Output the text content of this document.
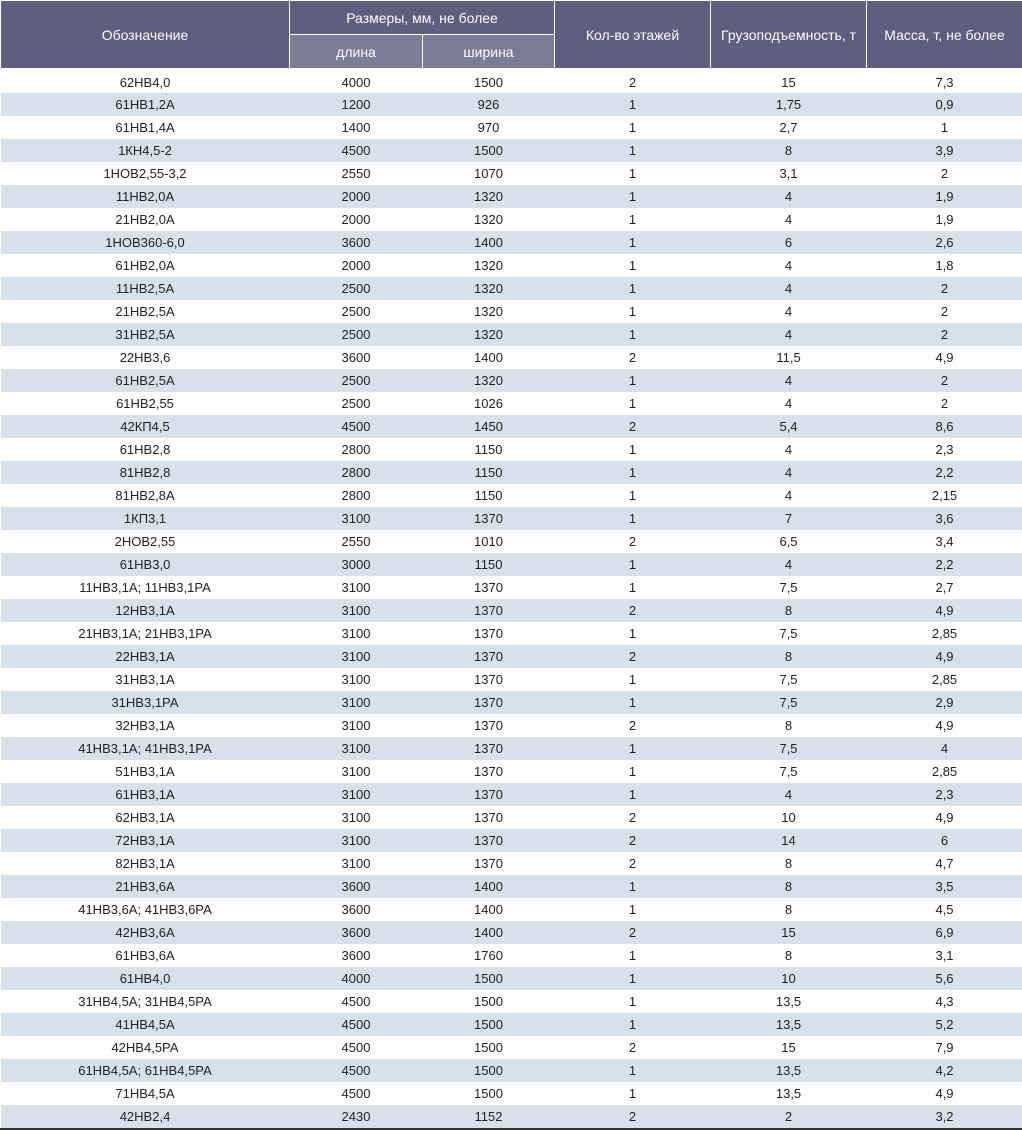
Обозначение	Размеры, мм, не более		Кол-во этажей	Грузоподъемность, т	Масса, т, не более
	длина	ширина			
62НВ4,0	4000	1500	2	15	7,3
61НВ1,2А	1200	926	1	1,75	0,9
61НВ1,4А	1400	970	1	2,7	1
1КН4,5-2	4500	1500	1	8	3,9
1НОВ2,55-3,2	2550	1070	1	3,1	2
11НВ2,0А	2000	1320	1	4	1,9
21НВ2,0А	2000	1320	1	4	1,9
1НОВ360-6,0	3600	1400	1	6	2,6
61НВ2,0А	2000	1320	1	4	1,8
11НВ2,5А	2500	1320	1	4	2
21НВ2,5А	2500	1320	1	4	2
31НВ2,5А	2500	1320	1	4	2
22НВ3,6	3600	1400	2	11,5	4,9
61НВ2,5А	2500	1320	1	4	2
61НВ2,55	2500	1026	1	4	2
42КП4,5	4500	1450	2	5,4	8,6
61НВ2,8	2800	1150	1	4	2,3
81НВ2,8	2800	1150	1	4	2,2
81НВ2,8А	2800	1150	1	4	2,15
1КП3,1	3100	1370	1	7	3,6
2НОВ2,55	2550	1010	2	6,5	3,4
61НВ3,0	3000	1150	1	4	2,2
11НВ3,1А; 11НВ3,1РА	3100	1370	1	7,5	2,7
12НВ3,1А	3100	1370	2	8	4,9
21НВ3,1А; 21НВ3,1РА	3100	1370	1	7,5	2,85
22НВ3,1А	3100	1370	2	8	4,9
31НВ3,1А	3100	1370	1	7,5	2,85
31НВ3,1РА	3100	1370	1	7,5	2,9
32НВ3,1А	3100	1370	2	8	4,9
41НВ3,1А; 41НВ3,1РА	3100	1370	1	7,5	4
51НВ3,1А	3100	1370	1	7,5	2,85
61НВ3,1А	3100	1370	1	4	2,3
62НВ3,1А	3100	1370	2	10	4,9
72НВ3,1А	3100	1370	2	14	6
82НВ3,1А	3100	1370	2	8	4,7
21НВ3,6А	3600	1400	1	8	3,5
41НВ3,6А; 41НВ3,6РА	3600	1400	1	8	4,5
42НВ3,6А	3600	1400	2	15	6,9
61НВ3,6А	3600	1760	1	8	3,1
61НВ4,0	4000	1500	1	10	5,6
31НВ4,5А; 31НВ4,5РА	4500	1500	1	13,5	4,3
41НВ4,5А	4500	1500	1	13,5	5,2
42НВ4,5РА	4500	1500	2	15	7,9
61НВ4,5А; 61НВ4,5РА	4500	1500	1	13,5	4,2
71НВ4,5А	4500	1500	1	13,5	4,9
42НВ2,4	2430	1152	2	2	3,2
